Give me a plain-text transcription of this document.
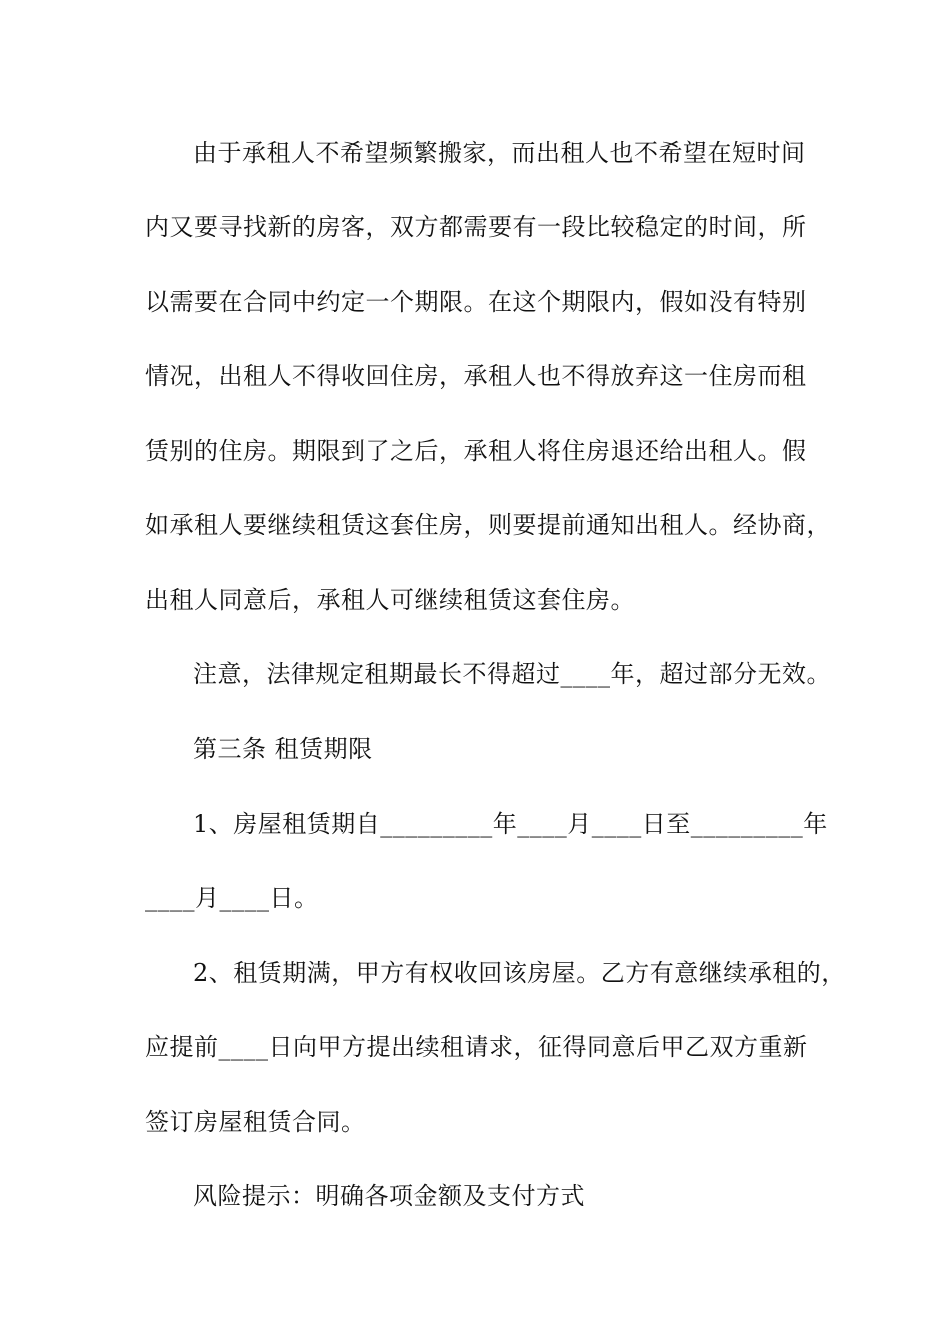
由于承租人不希望频繁搬家，而出租人也不希望在短时间
内又要寻找新的房客，双方都需要有一段比较稳定的时间，所
以需要在合同中约定一个期限。在这个期限内，假如没有特别
情况，出租人不得收回住房，承租人也不得放弃这一住房而租
赁别的住房。期限到了之后，承租人将住房退还给出租人。假
如承租人要继续租赁这套住房，则要提前通知出租人。经协商，
出租人同意后，承租人可继续租赁这套住房。
注意，法律规定租期最长不得超过____年，超过部分无效。
第三条 租赁期限
1、房屋租赁期自_________年____月____日至_________年
____月____日。
2、租赁期满，甲方有权收回该房屋。乙方有意继续承租的，
应提前____日向甲方提出续租请求，征得同意后甲乙双方重新
签订房屋租赁合同。
风险提示：明确各项金额及支付方式
